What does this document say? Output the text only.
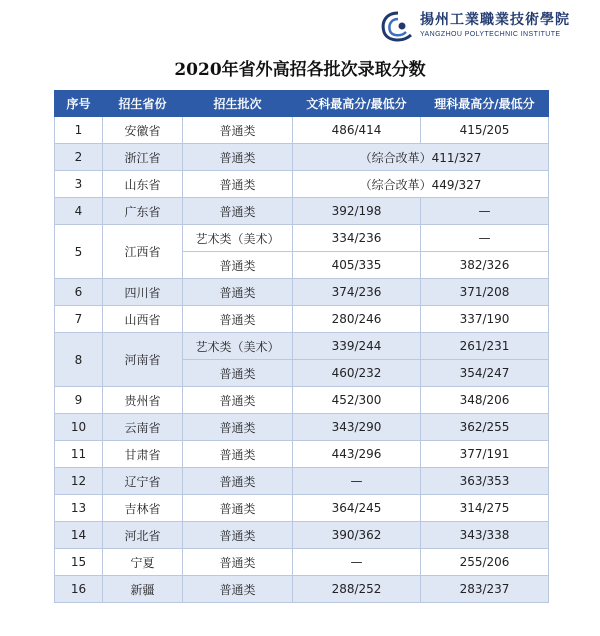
揚州工業職業技術學院
YANGZHOU POLYTECHNIC INSTITUTE
2020年省外高招各批次录取分数
序号	招生省份	招生批次	文科最高分/最低分	理科最高分/最低分
1	安徽省	普通类	486/414	415/205
2	浙江省	普通类	（综合改革）411/327	
3	山东省	普通类	（综合改革）449/327	
4	广东省	普通类	392/198	—
5	江西省	艺术类（美术）	334/236	—
		普通类	405/335	382/326
6	四川省	普通类	374/236	371/208
7	山西省	普通类	280/246	337/190
8	河南省	艺术类（美术）	339/244	261/231
		普通类	460/232	354/247
9	贵州省	普通类	452/300	348/206
10	云南省	普通类	343/290	362/255
11	甘肃省	普通类	443/296	377/191
12	辽宁省	普通类	—	363/353
13	吉林省	普通类	364/245	314/275
14	河北省	普通类	390/362	343/338
15	宁夏	普通类	—	255/206
16	新疆	普通类	288/252	283/237
